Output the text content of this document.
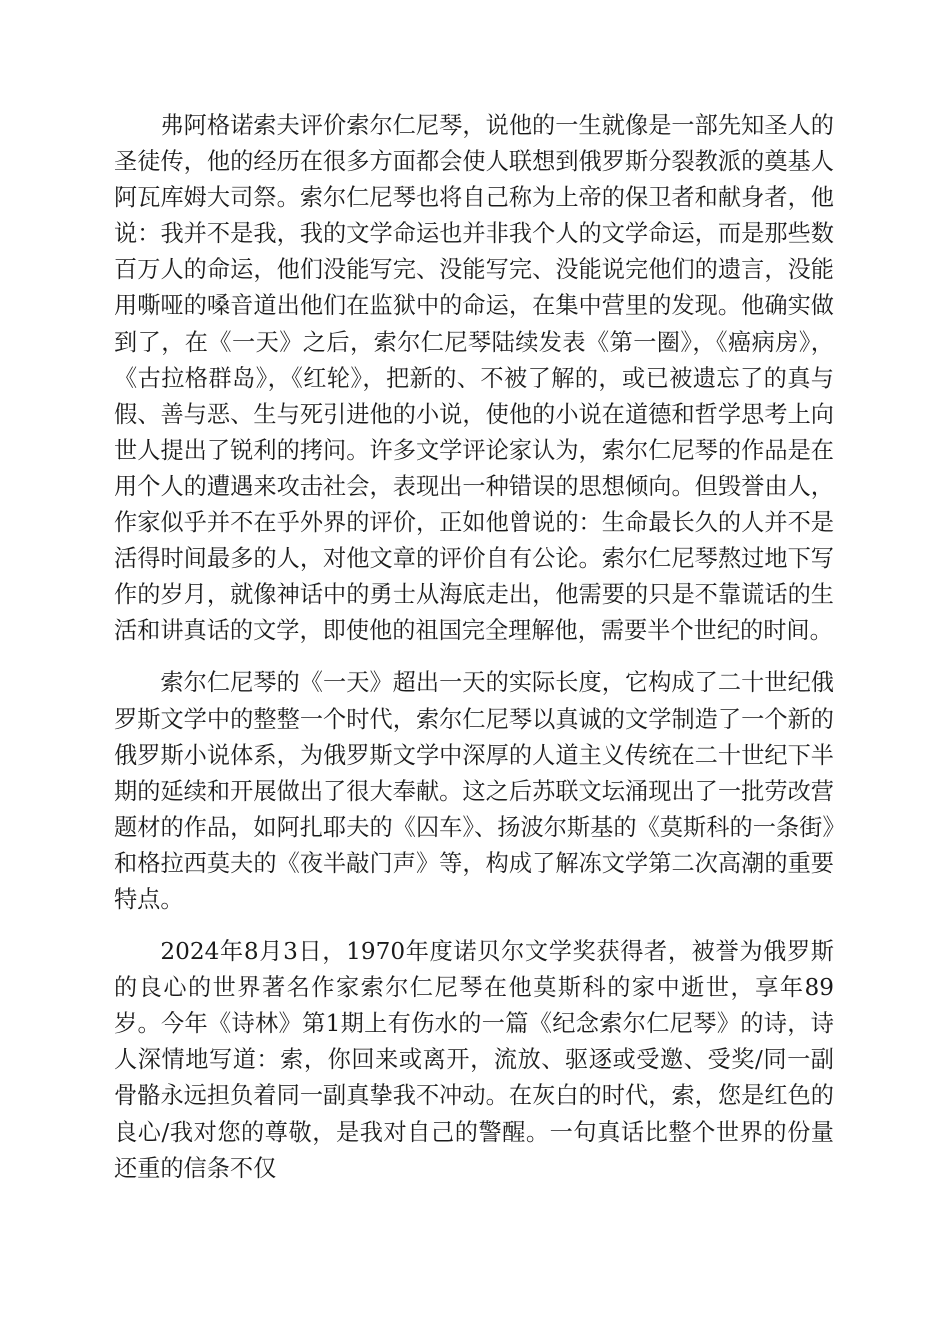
弗阿格诺索夫评价索尔仁尼琴，说他的一生就像是一部先知圣人的圣徒传，他的经历在很多方面都会使人联想到俄罗斯分裂教派的奠基人阿瓦库姆大司祭。索尔仁尼琴也将自己称为上帝的保卫者和献身者，他说：我并不是我，我的文学命运也并非我个人的文学命运，而是那些数百万人的命运，他们没能写完、没能写完、没能说完他们的遗言，没能用嘶哑的嗓音道出他们在监狱中的命运，在集中营里的发现。他确实做到了，在《一天》之后，索尔仁尼琴陆续发表《第一圈》，《癌病房》，《古拉格群岛》，《红轮》，把新的、不被了解的，或已被遗忘了的真与假、善与恶、生与死引进他的小说，使他的小说在道德和哲学思考上向世人提出了锐利的拷问。许多文学评论家认为，索尔仁尼琴的作品是在用个人的遭遇来攻击社会，表现出一种错误的思想倾向。但毁誉由人，作家似乎并不在乎外界的评价，正如他曾说的：生命最长久的人并不是活得时间最多的人，对他文章的评价自有公论。索尔仁尼琴熬过地下写作的岁月，就像神话中的勇士从海底走出，他需要的只是不靠谎话的生活和讲真话的文学，即使他的祖国完全理解他，需要半个世纪的时间。

索尔仁尼琴的《一天》超出一天的实际长度，它构成了二十世纪俄罗斯文学中的整整一个时代，索尔仁尼琴以真诚的文学制造了一个新的俄罗斯小说体系，为俄罗斯文学中深厚的人道主义传统在二十世纪下半期的延续和开展做出了很大奉献。这之后苏联文坛涌现出了一批劳改营题材的作品，如阿扎耶夫的《囚车》、扬波尔斯基的《莫斯科的一条街》和格拉西莫夫的《夜半敲门声》等，构成了解冻文学第二次高潮的重要特点。

2024年8月3日，1970年度诺贝尔文学奖获得者，被誉为俄罗斯的良心的世界著名作家索尔仁尼琴在他莫斯科的家中逝世，享年89岁。今年《诗林》第1期上有伤水的一篇《纪念索尔仁尼琴》的诗，诗人深情地写道：索，你回来或离开，流放、驱逐或受邀、受奖/同一副骨骼永远担负着同一副真挚我不冲动。在灰白的时代，索，您是红色的良心/我对您的尊敬，是我对自己的警醒。一句真话比整个世界的份量还重的信条不仅
